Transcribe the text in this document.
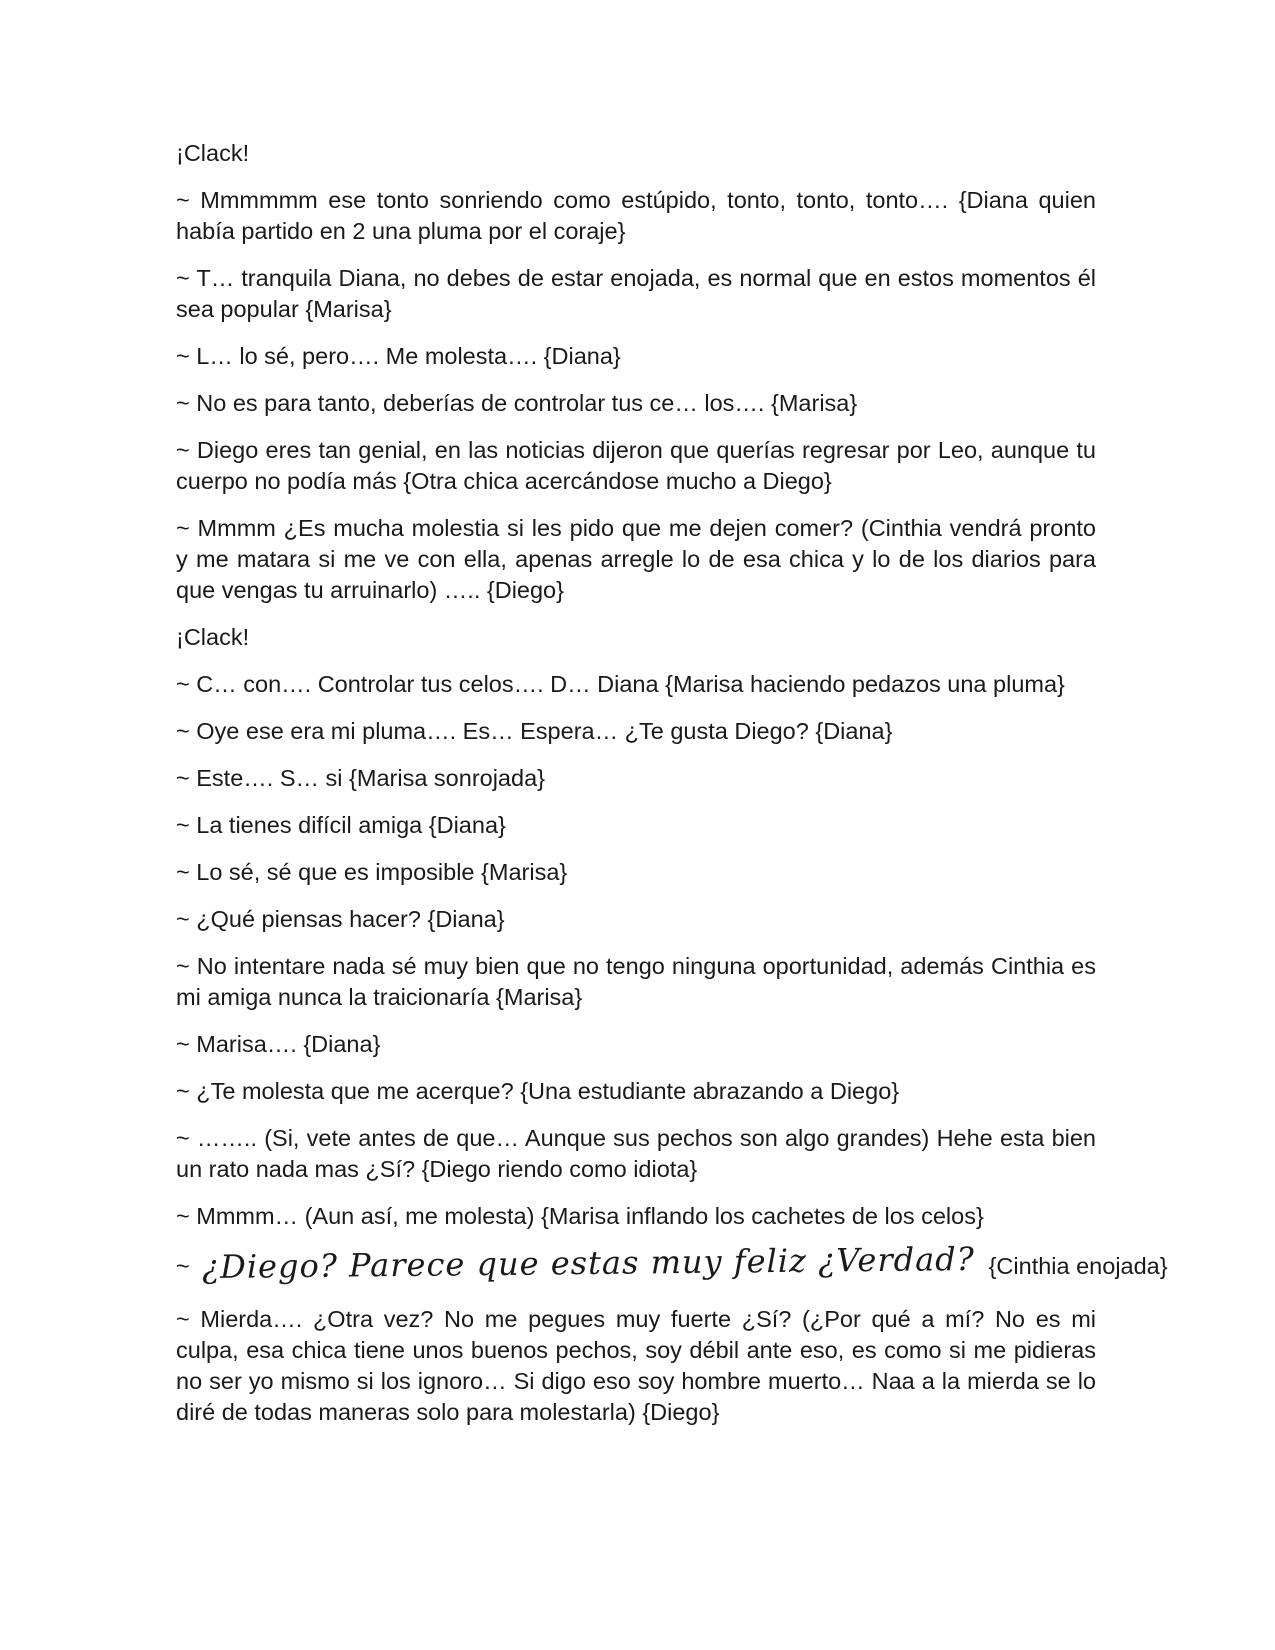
¡Clack!

~ Mmmmmm ese tonto sonriendo como estúpido, tonto, tonto, tonto…. {Diana quien había partido en 2 una pluma por el coraje}

~ T… tranquila Diana, no debes de estar enojada, es normal que en estos momentos él sea popular {Marisa}

~ L… lo sé, pero…. Me molesta…. {Diana}

~ No es para tanto, deberías de controlar tus ce… los…. {Marisa}

~ Diego eres tan genial, en las noticias dijeron que querías regresar por Leo, aunque tu cuerpo no podía más {Otra chica acercándose mucho a Diego}

~ Mmmm ¿Es mucha molestia si les pido que me dejen comer? (Cinthia vendrá pronto y me matara si me ve con ella, apenas arregle lo de esa chica y lo de los diarios para que vengas tu arruinarlo) ….. {Diego}

¡Clack!

~ C… con…. Controlar tus celos…. D… Diana {Marisa haciendo pedazos una pluma}

~ Oye ese era mi pluma…. Es… Espera… ¿Te gusta Diego? {Diana}

~ Este…. S… si {Marisa sonrojada}

~ La tienes difícil amiga {Diana}

~ Lo sé, sé que es imposible {Marisa}

~ ¿Qué piensas hacer? {Diana}

~ No intentare nada sé muy bien que no tengo ninguna oportunidad, además Cinthia es mi amiga nunca la traicionaría {Marisa}

~ Marisa…. {Diana}

~ ¿Te molesta que me acerque? {Una estudiante abrazando a Diego}

~ …….. (Si, vete antes de que… Aunque sus pechos son algo grandes) Hehe esta bien un rato nada mas ¿Sí? {Diego riendo como idiota}

~ Mmmm… (Aun así, me molesta) {Marisa inflando los cachetes de los celos}

~ ¿Diego? Parece que estas muy feliz ¿Verdad? {Cinthia enojada}

~ Mierda…. ¿Otra vez? No me pegues muy fuerte ¿Sí? (¿Por qué a mí? No es mi culpa, esa chica tiene unos buenos pechos, soy débil ante eso, es como si me pidieras no ser yo mismo si los ignoro… Si digo eso soy hombre muerto… Naa a la mierda se lo diré de todas maneras solo para molestarla) {Diego}
